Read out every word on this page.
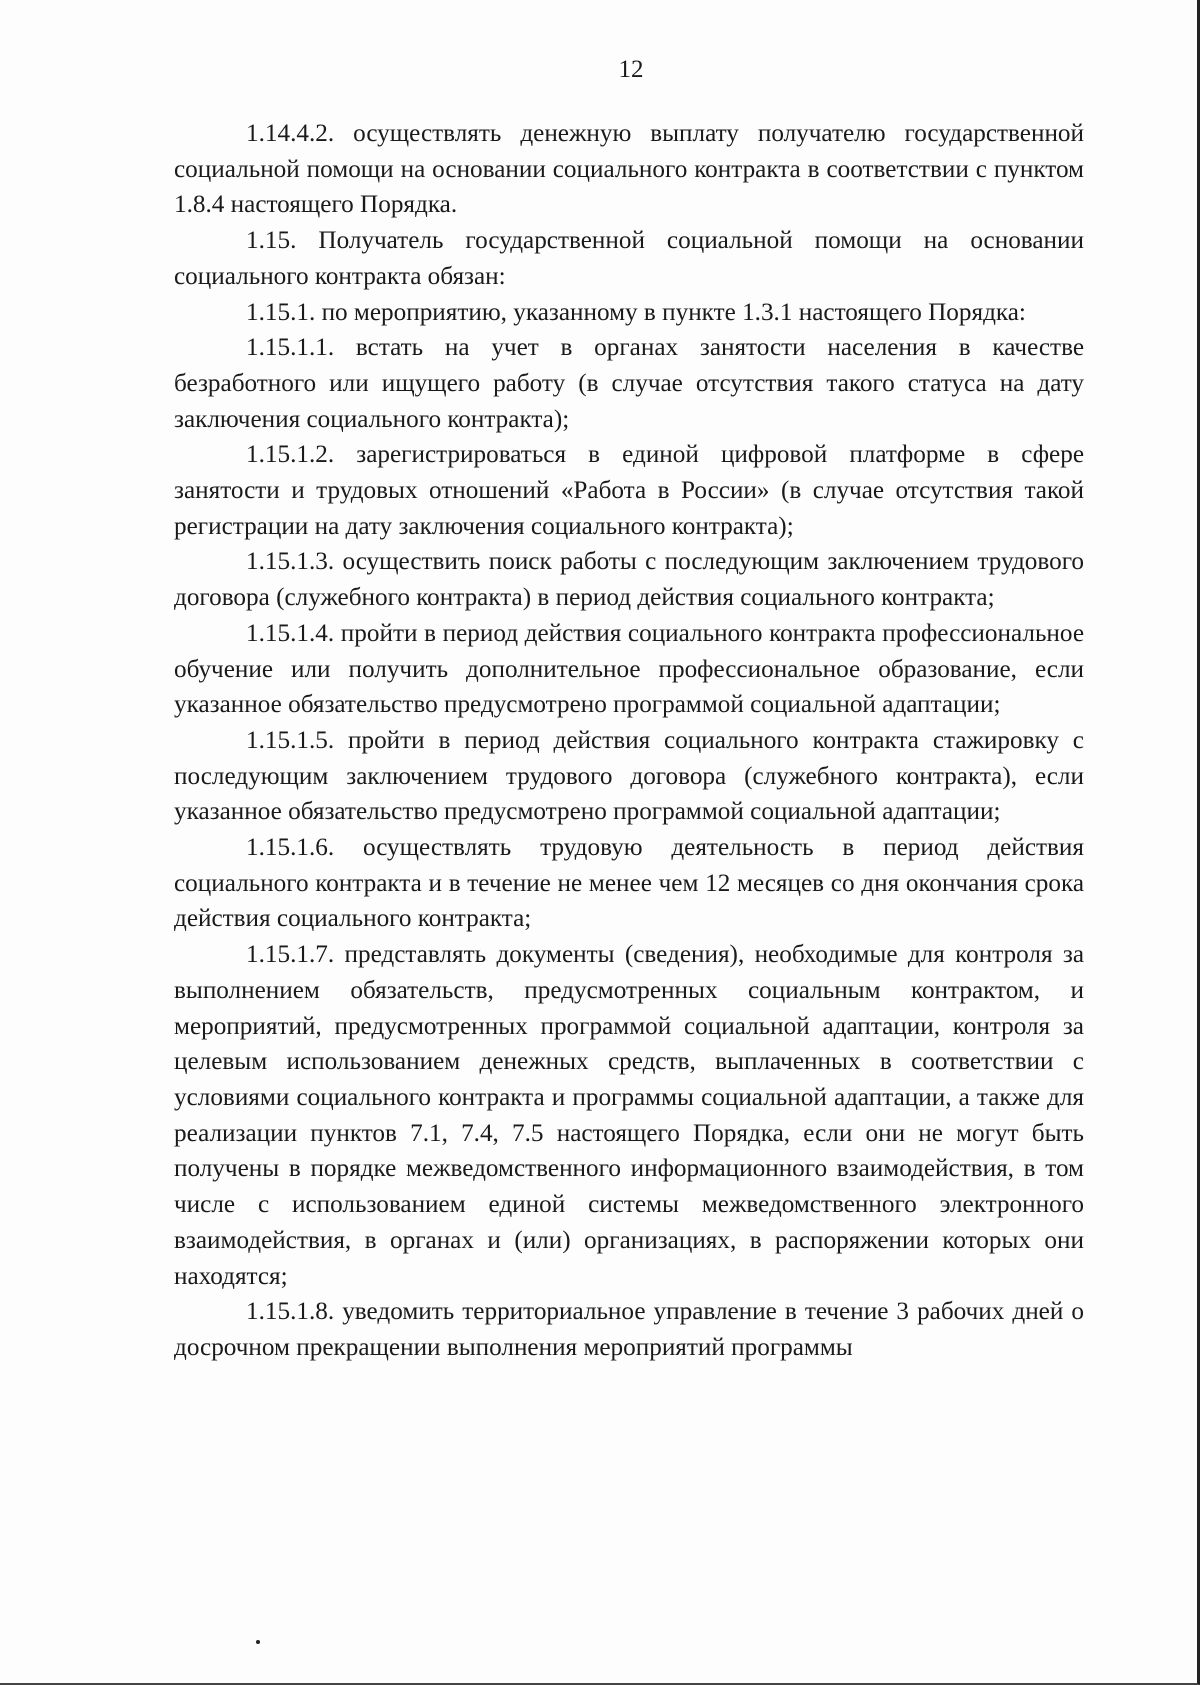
12

1.14.4.2. осуществлять денежную выплату получателю государственной социальной помощи на основании социального контракта в соответствии с пунктом 1.8.4 настоящего Порядка.

1.15. Получатель государственной социальной помощи на основании социального контракта обязан:

1.15.1. по мероприятию, указанному в пункте 1.3.1 настоящего Порядка:

1.15.1.1. встать на учет в органах занятости населения в качестве безработного или ищущего работу (в случае отсутствия такого статуса на дату заключения социального контракта);

1.15.1.2. зарегистрироваться в единой цифровой платформе в сфере занятости и трудовых отношений «Работа в России» (в случае отсутствия такой регистрации на дату заключения социального контракта);

1.15.1.3. осуществить поиск работы с последующим заключением трудового договора (служебного контракта) в период действия социального контракта;

1.15.1.4. пройти в период действия социального контракта профессиональное обучение или получить дополнительное профессиональное образование, если указанное обязательство предусмотрено программой социальной адаптации;

1.15.1.5. пройти в период действия социального контракта стажировку с последующим заключением трудового договора (служебного контракта), если указанное обязательство предусмотрено программой социальной адаптации;

1.15.1.6. осуществлять трудовую деятельность в период действия социального контракта и в течение не менее чем 12 месяцев со дня окончания срока действия социального контракта;

1.15.1.7. представлять документы (сведения), необходимые для контроля за выполнением обязательств, предусмотренных социальным контрактом, и мероприятий, предусмотренных программой социальной адаптации, контроля за целевым использованием денежных средств, выплаченных в соответствии с условиями социального контракта и программы социальной адаптации, а также для реализации пунктов 7.1, 7.4, 7.5 настоящего Порядка, если они не могут быть получены в порядке межведомственного информационного взаимодействия, в том числе с использованием единой системы межведомственного электронного взаимодействия, в органах и (или) организациях, в распоряжении которых они находятся;

1.15.1.8. уведомить территориальное управление в течение 3 рабочих дней о досрочном прекращении выполнения мероприятий программы
